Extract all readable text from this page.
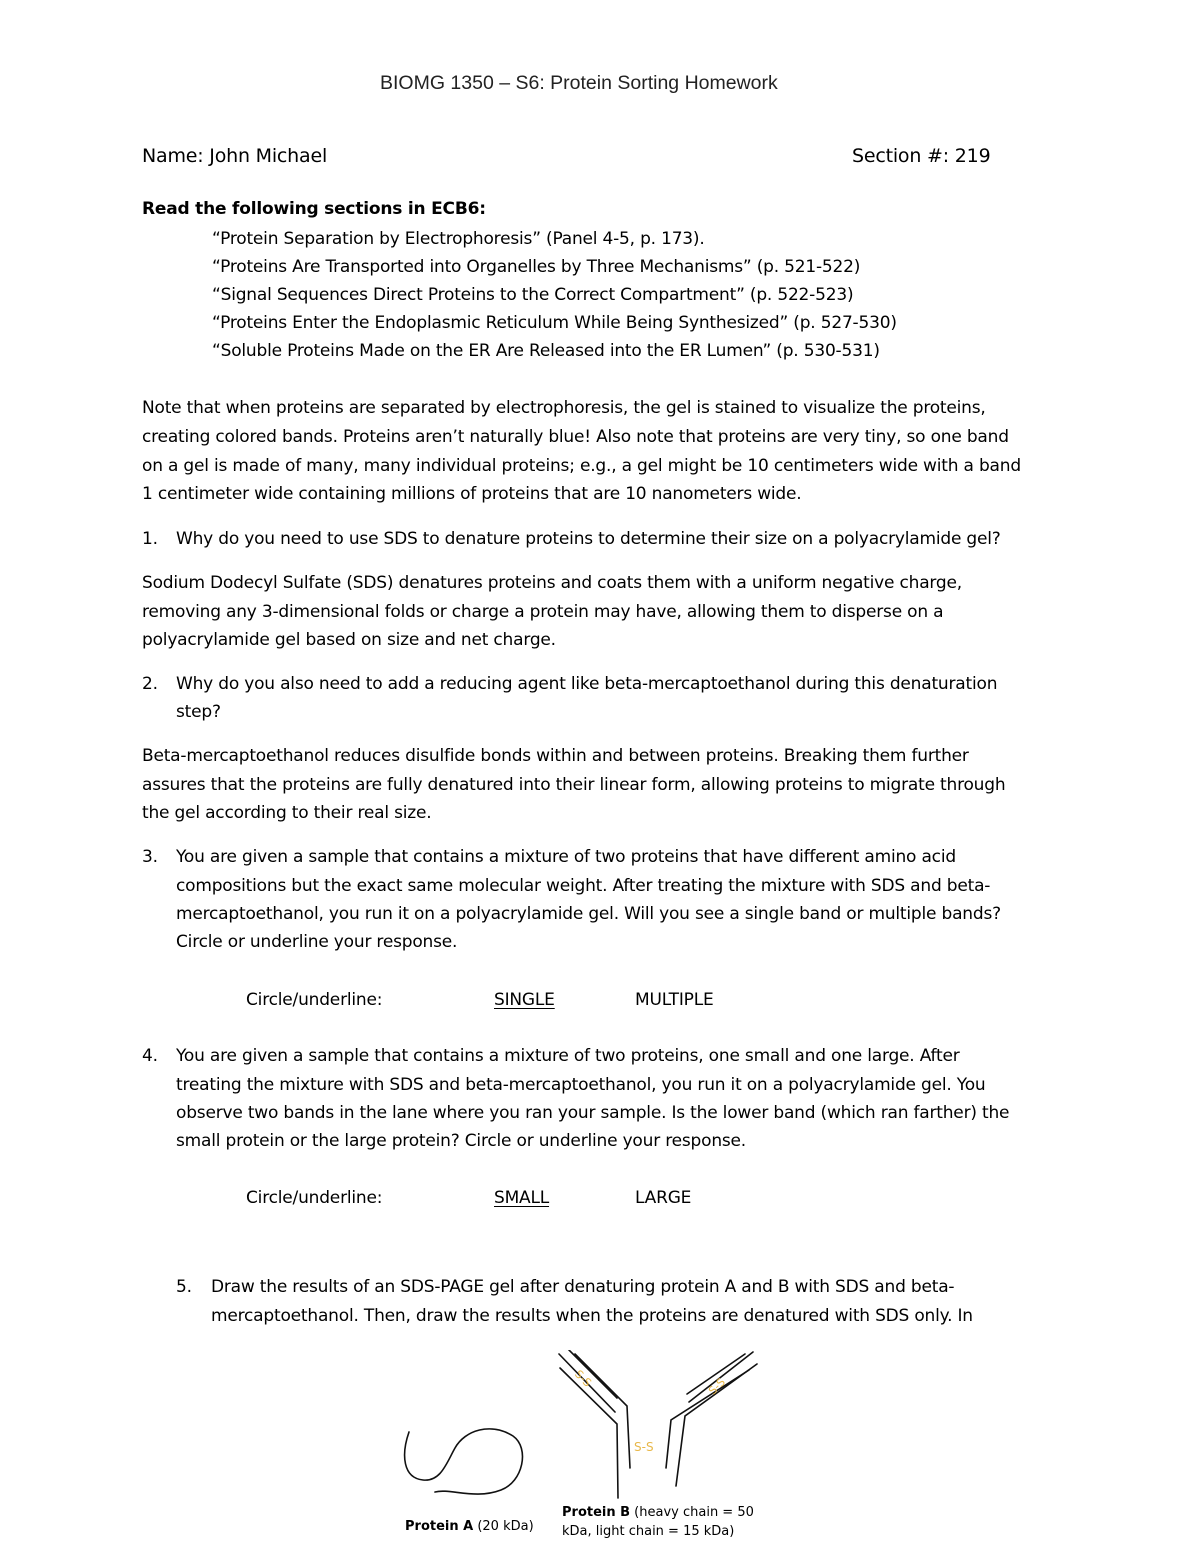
BIOMG 1350 – S6: Protein Sorting Homework
Name: John Michael	Section #: 219
Read the following sections in ECB6:
“Protein Separation by Electrophoresis” (Panel 4-5, p. 173).
“Proteins Are Transported into Organelles by Three Mechanisms” (p. 521-522)
“Signal Sequences Direct Proteins to the Correct Compartment” (p. 522-523)
“Proteins Enter the Endoplasmic Reticulum While Being Synthesized” (p. 527-530)
“Soluble Proteins Made on the ER Are Released into the ER Lumen” (p. 530-531)
Note that when proteins are separated by electrophoresis, the gel is stained to visualize the proteins,
creating colored bands. Proteins aren’t naturally blue! Also note that proteins are very tiny, so one band
on a gel is made of many, many individual proteins; e.g., a gel might be 10 centimeters wide with a band
1 centimeter wide containing millions of proteins that are 10 nanometers wide.
1. Why do you need to use SDS to denature proteins to determine their size on a polyacrylamide gel?
Sodium Dodecyl Sulfate (SDS) denatures proteins and coats them with a uniform negative charge,
removing any 3-dimensional folds or charge a protein may have, allowing them to disperse on a
polyacrylamide gel based on size and net charge.
2. Why do you also need to add a reducing agent like beta-mercaptoethanol during this denaturation
step?
Beta-mercaptoethanol reduces disulfide bonds within and between proteins. Breaking them further
assures that the proteins are fully denatured into their linear form, allowing proteins to migrate through
the gel according to their real size.
3. You are given a sample that contains a mixture of two proteins that have different amino acid
compositions but the exact same molecular weight. After treating the mixture with SDS and beta-
mercaptoethanol, you run it on a polyacrylamide gel. Will you see a single band or multiple bands?
Circle or underline your response.
Circle/underline:	SINGLE	MULTIPLE
4. You are given a sample that contains a mixture of two proteins, one small and one large. After
treating the mixture with SDS and beta-mercaptoethanol, you run it on a polyacrylamide gel. You
observe two bands in the lane where you ran your sample. Is the lower band (which ran farther) the
small protein or the large protein? Circle or underline your response.
Circle/underline:	SMALL	LARGE
5. Draw the results of an SDS-PAGE gel after denaturing protein A and B with SDS and beta-
mercaptoethanol. Then, draw the results when the proteins are denatured with SDS only. In
S-S	S-S
S-S
Protein A (20 kDa)
Protein B (heavy chain = 50
kDa, light chain = 15 kDa)
